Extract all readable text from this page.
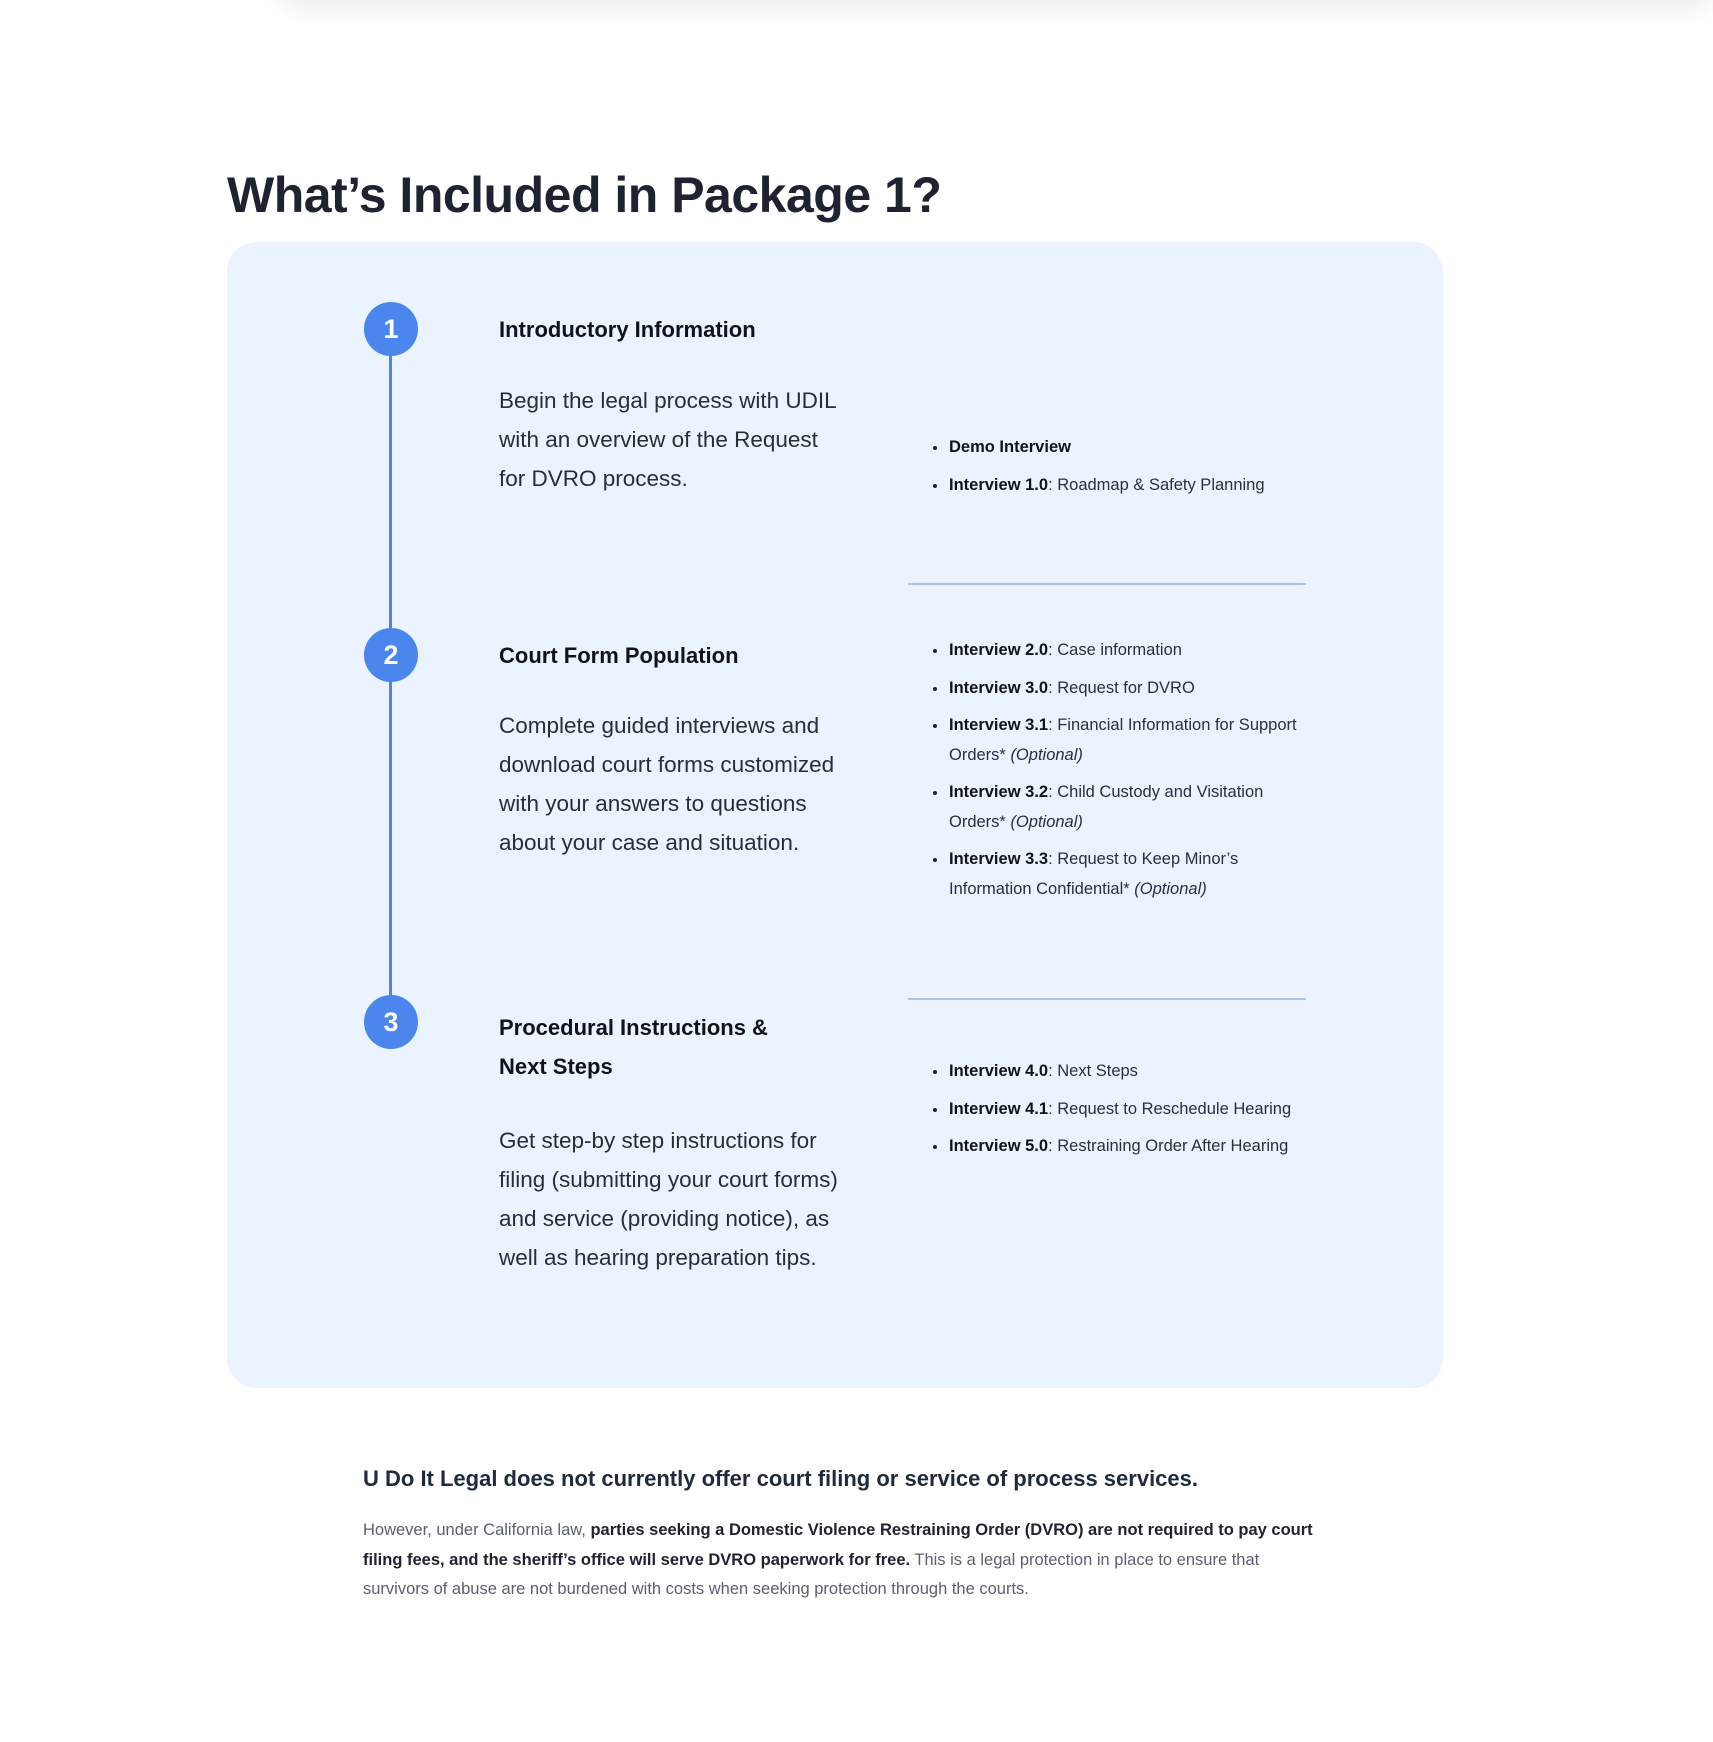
What’s Included in Package 1?
1	Introductory Information

Begin the legal process with UDIL with an overview of the Request for DVRO process.

Demo Interview
Interview 1.0: Roadmap & Safety Planning
2	Court Form Population

Complete guided interviews and download court forms customized with your answers to questions about your case and situation.

Interview 2.0: Case information
Interview 3.0: Request for DVRO
Interview 3.1: Financial Information for Support Orders* (Optional)
Interview 3.2: Child Custody and Visitation Orders* (Optional)
Interview 3.3: Request to Keep Minor’s Information Confidential* (Optional)
3	Procedural Instructions & Next Steps

Get step-by step instructions for filing (submitting your court forms) and service (providing notice), as well as hearing preparation tips.

Interview 4.0: Next Steps
Interview 4.1: Request to Reschedule Hearing
Interview 5.0: Restraining Order After Hearing
U Do It Legal does not currently offer court filing or service of process services.

However, under California law, parties seeking a Domestic Violence Restraining Order (DVRO) are not required to pay court filing fees, and the sheriff’s office will serve DVRO paperwork for free. This is a legal protection in place to ensure that survivors of abuse are not burdened with costs when seeking protection through the courts.
